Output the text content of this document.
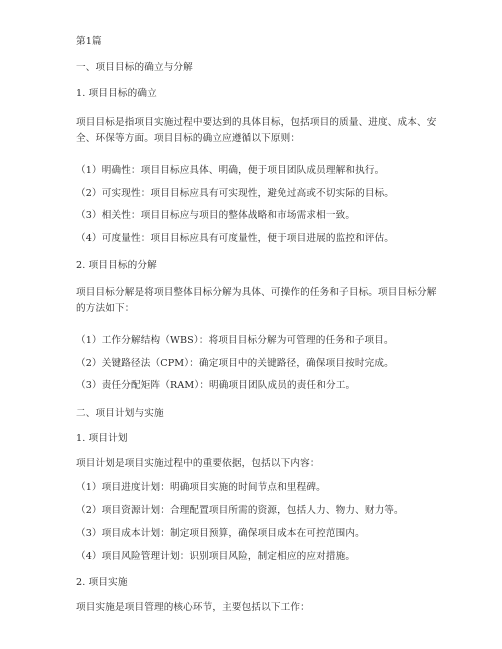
第1篇
一、项目目标的确立与分解
1. 项目目标的确立
项目目标是指项目实施过程中要达到的具体目标，包括项目的质量、进度、成本、安全、环保等方面。项目目标的确立应遵循以下原则：
（1）明确性：项目目标应具体、明确，便于项目团队成员理解和执行。
（2）可实现性：项目目标应具有可实现性，避免过高或不切实际的目标。
（3）相关性：项目目标应与项目的整体战略和市场需求相一致。
（4）可度量性：项目目标应具有可度量性，便于项目进展的监控和评估。
2. 项目目标的分解
项目目标分解是将项目整体目标分解为具体、可操作的任务和子目标。项目目标分解的方法如下：
（1）工作分解结构（WBS）：将项目目标分解为可管理的任务和子项目。
（2）关键路径法（CPM）：确定项目中的关键路径，确保项目按时完成。
（3）责任分配矩阵（RAM）：明确项目团队成员的责任和分工。
二、项目计划与实施
1. 项目计划
项目计划是项目实施过程中的重要依据，包括以下内容：
（1）项目进度计划：明确项目实施的时间节点和里程碑。
（2）项目资源计划：合理配置项目所需的资源，包括人力、物力、财力等。
（3）项目成本计划：制定项目预算，确保项目成本在可控范围内。
（4）项目风险管理计划：识别项目风险，制定相应的应对措施。
2. 项目实施
项目实施是项目管理的核心环节，主要包括以下工作：
